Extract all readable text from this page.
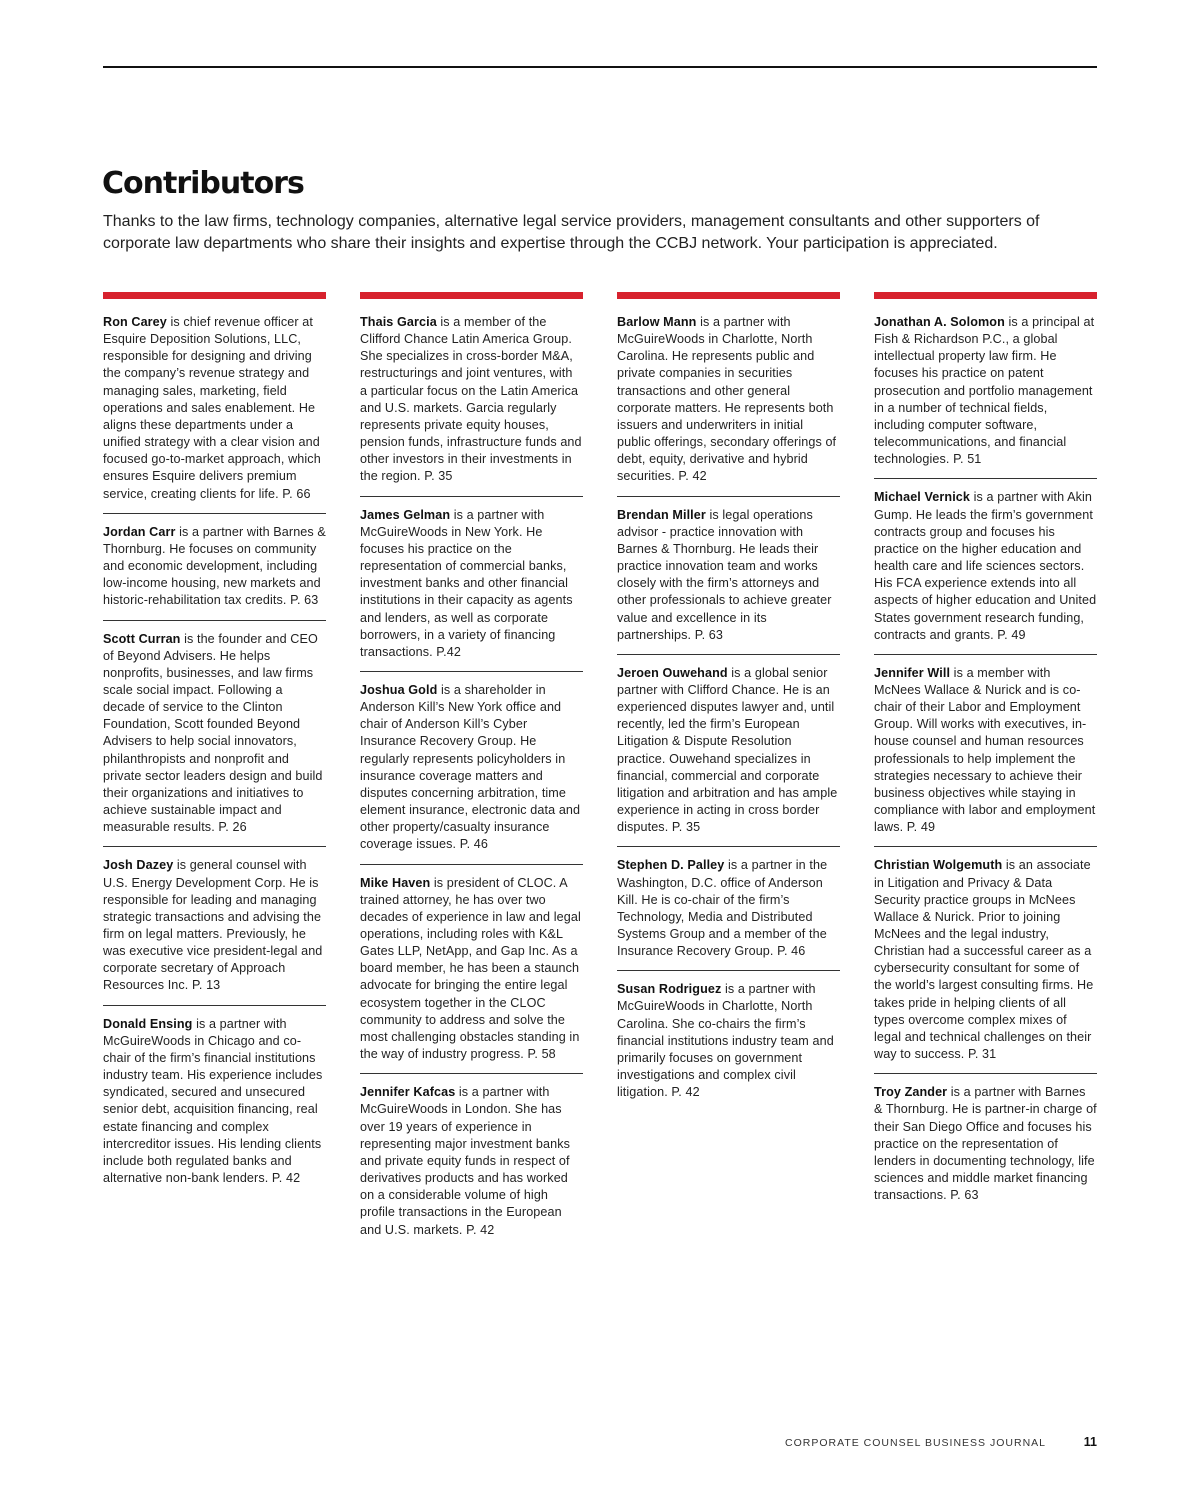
Contributors

Thanks to the law firms, technology companies, alternative legal service providers, management consultants and other supporters of corporate law departments who share their insights and expertise through the CCBJ network. Your participation is appreciated.

Ron Carey is chief revenue officer at Esquire Deposition Solutions, LLC, responsible for designing and driving the company’s revenue strategy and managing sales, marketing, field operations and sales enablement. He aligns these departments under a unified strategy with a clear vision and focused go-to-market approach, which ensures Esquire delivers premium service, creating clients for life. P. 66
Jordan Carr is a partner with Barnes & Thornburg. He focuses on community and economic development, including low-income housing, new markets and historic-rehabilitation tax credits. P. 63
Scott Curran is the founder and CEO of Beyond Advisers. He helps nonprofits, businesses, and law firms scale social impact. Following a decade of service to the Clinton Foundation, Scott founded Beyond Advisers to help social innovators, philanthropists and nonprofit and private sector leaders design and build their organizations and initiatives to achieve sustainable impact and measurable results. P. 26
Josh Dazey is general counsel with U.S. Energy Development Corp. He is responsible for leading and managing strategic transactions and advising the firm on legal matters. Previously, he was executive vice president-legal and corporate secretary of Approach Resources Inc. P. 13
Donald Ensing is a partner with McGuireWoods in Chicago and co-chair of the firm’s financial institutions industry team. His experience includes syndicated, secured and unsecured senior debt, acquisition financing, real estate financing and complex intercreditor issues. His lending clients include both regulated banks and alternative non-bank lenders. P. 42
Thais Garcia is a member of the Clifford Chance Latin America Group. She specializes in cross-border M&A, restructurings and joint ventures, with a particular focus on the Latin America and U.S. markets. Garcia regularly represents private equity houses, pension funds, infrastructure funds and other investors in their investments in the region. P. 35
James Gelman is a partner with McGuireWoods in New York. He focuses his practice on the representation of commercial banks, investment banks and other financial institutions in their capacity as agents and lenders, as well as corporate borrowers, in a variety of financing transactions. P.42
Joshua Gold is a shareholder in Anderson Kill’s New York office and chair of Anderson Kill’s Cyber Insurance Recovery Group. He regularly represents policyholders in insurance coverage matters and disputes concerning arbitration, time element insurance, electronic data and other property/casualty insurance coverage issues. P. 46
Mike Haven is president of CLOC. A trained attorney, he has over two decades of experience in law and legal operations, including roles with K&L Gates LLP, NetApp, and Gap Inc. As a board member, he has been a staunch advocate for bringing the entire legal ecosystem together in the CLOC community to address and solve the most challenging obstacles standing in the way of industry progress. P. 58
Jennifer Kafcas is a partner with McGuireWoods in London. She has over 19 years of experience in representing major investment banks and private equity funds in respect of derivatives products and has worked on a considerable volume of high profile transactions in the European and U.S. markets. P. 42
Barlow Mann is a partner with McGuireWoods in Charlotte, North Carolina. He represents public and private companies in securities transactions and other general corporate matters. He represents both issuers and underwriters in initial public offerings, secondary offerings of debt, equity, derivative and hybrid securities. P. 42
Brendan Miller is legal operations advisor - practice innovation with Barnes & Thornburg. He leads their practice innovation team and works closely with the firm’s attorneys and other professionals to achieve greater value and excellence in its partnerships. P. 63
Jeroen Ouwehand is a global senior partner with Clifford Chance. He is an experienced disputes lawyer and, until recently, led the firm’s European Litigation & Dispute Resolution practice. Ouwehand specializes in financial, commercial and corporate litigation and arbitration and has ample experience in acting in cross border disputes. P. 35
Stephen D. Palley is a partner in the Washington, D.C. office of Anderson Kill. He is co-chair of the firm’s Technology, Media and Distributed Systems Group and a member of the Insurance Recovery Group. P. 46
Susan Rodriguez is a partner with McGuireWoods in Charlotte, North Carolina. She co-chairs the firm’s financial institutions industry team and primarily focuses on government investigations and complex civil litigation. P. 42
Jonathan A. Solomon is a principal at Fish & Richardson P.C., a global intellectual property law firm. He focuses his practice on patent prosecution and portfolio management in a number of technical fields, including computer software, telecommunications, and financial technologies. P. 51
Michael Vernick is a partner with Akin Gump. He leads the firm’s government contracts group and focuses his practice on the higher education and health care and life sciences sectors. His FCA experience extends into all aspects of higher education and United States government research funding, contracts and grants. P. 49
Jennifer Will is a member with McNees Wallace & Nurick and is co-chair of their Labor and Employment Group. Will works with executives, in-house counsel and human resources professionals to help implement the strategies necessary to achieve their business objectives while staying in compliance with labor and employment laws. P. 49
Christian Wolgemuth is an associate in Litigation and Privacy & Data Security practice groups in McNees Wallace & Nurick. Prior to joining McNees and the legal industry, Christian had a successful career as a cybersecurity consultant for some of the world’s largest consulting firms. He takes pride in helping clients of all types overcome complex mixes of legal and technical challenges on their way to success. P. 31
Troy Zander is a partner with Barnes & Thornburg. He is partner-in charge of their San Diego Office and focuses his practice on the representation of lenders in documenting technology, life sciences and middle market financing transactions. P. 63
CORPORATE COUNSEL BUSINESS JOURNAL	11
